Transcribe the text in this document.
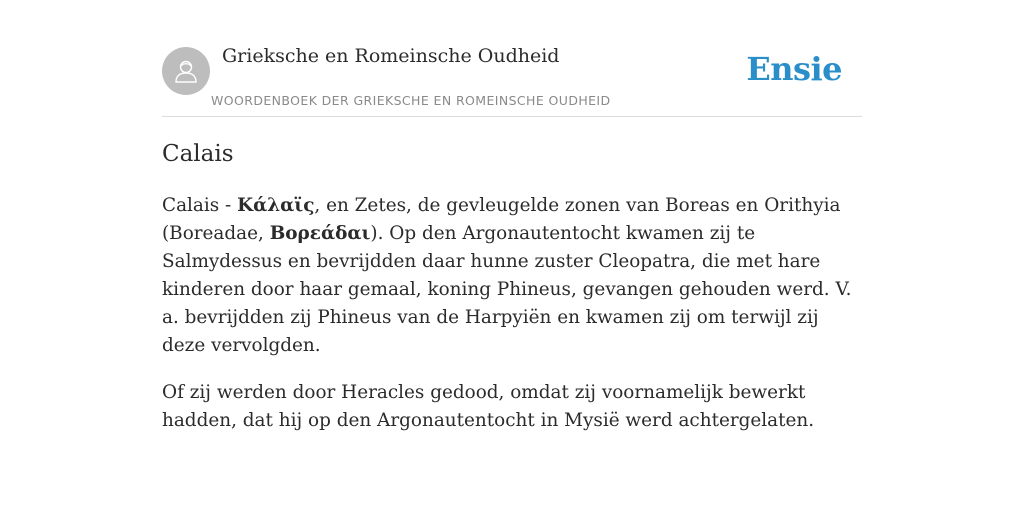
Grieksche en Romeinsche Oudheid
WOORDENBOEK DER GRIEKSCHE EN ROMEINSCHE OUDHEID
Ensie
Calais

Calais - Κάλαϊς, en Zetes, de gevleugelde zonen van Boreas en Orithyia (Boreadae, Βορεάδαι). Op den Argonautentocht kwamen zij te Salmydessus en bevrijdden daar hunne zuster Cleopatra, die met hare kinderen door haar gemaal, koning Phineus, gevangen gehouden werd. V. a. bevrijdden zij Phineus van de Harpyiën en kwamen zij om terwijl zij deze vervolgden.

Of zij werden door Heracles gedood, omdat zij voornamelijk bewerkt hadden, dat hij op den Argonautentocht in Mysië werd achtergelaten.
